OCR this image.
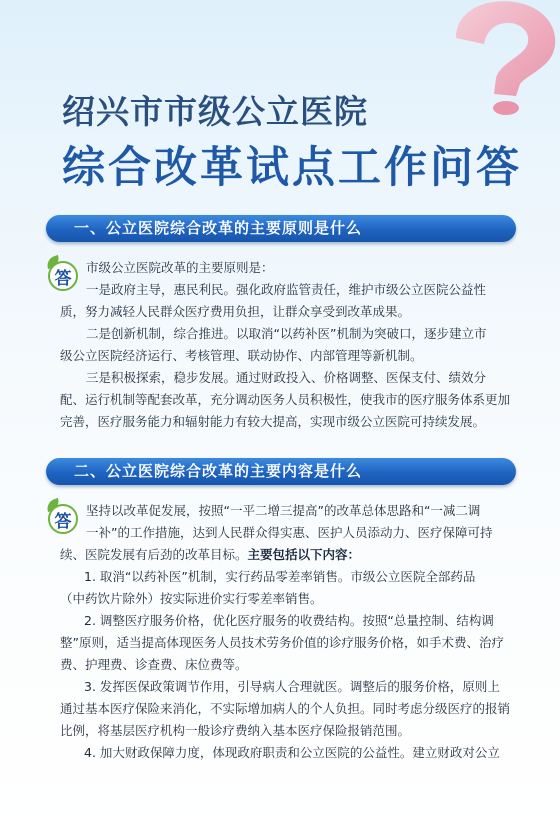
绍兴市市级公立医院
综合改革试点工作问答
一、公立医院综合改革的主要原则是什么
答

市级公立医院改革的主要原则是：

一是政府主导，惠民利民。强化政府监管责任，维护市级公立医院公益性

质，努力减轻人民群众医疗费用负担，让群众享受到改革成果。

二是创新机制，综合推进。以取消“以药补医”机制为突破口，逐步建立市

级公立医院经济运行、考核管理、联动协作、内部管理等新机制。

三是积极探索，稳步发展。通过财政投入、价格调整、医保支付、绩效分

配、运行机制等配套改革，充分调动医务人员积极性，使我市的医疗服务体系更加

完善，医疗服务能力和辐射能力有较大提高，实现市级公立医院可持续发展。

二、公立医院综合改革的主要内容是什么
答

坚持以改革促发展，按照“一平二增三提高”的改革总体思路和“一减二调

一补”的工作措施，达到人民群众得实惠、医护人员添动力、医疗保障可持

续、医院发展有后劲的改革目标。主要包括以下内容：

1. 取消“以药补医”机制，实行药品零差率销售。市级公立医院全部药品

（中药饮片除外）按实际进价实行零差率销售。

2. 调整医疗服务价格，优化医疗服务的收费结构。按照“总量控制、结构调

整”原则，适当提高体现医务人员技术劳务价值的诊疗服务价格，如手术费、治疗

费、护理费、诊查费、床位费等。

3. 发挥医保政策调节作用，引导病人合理就医。调整后的服务价格，原则上

通过基本医疗保险来消化，不实际增加病人的个人负担。同时考虑分级医疗的报销

比例，将基层医疗机构一般诊疗费纳入基本医疗保险报销范围。

4. 加大财政保障力度，体现政府职责和公立医院的公益性。建立财政对公立
